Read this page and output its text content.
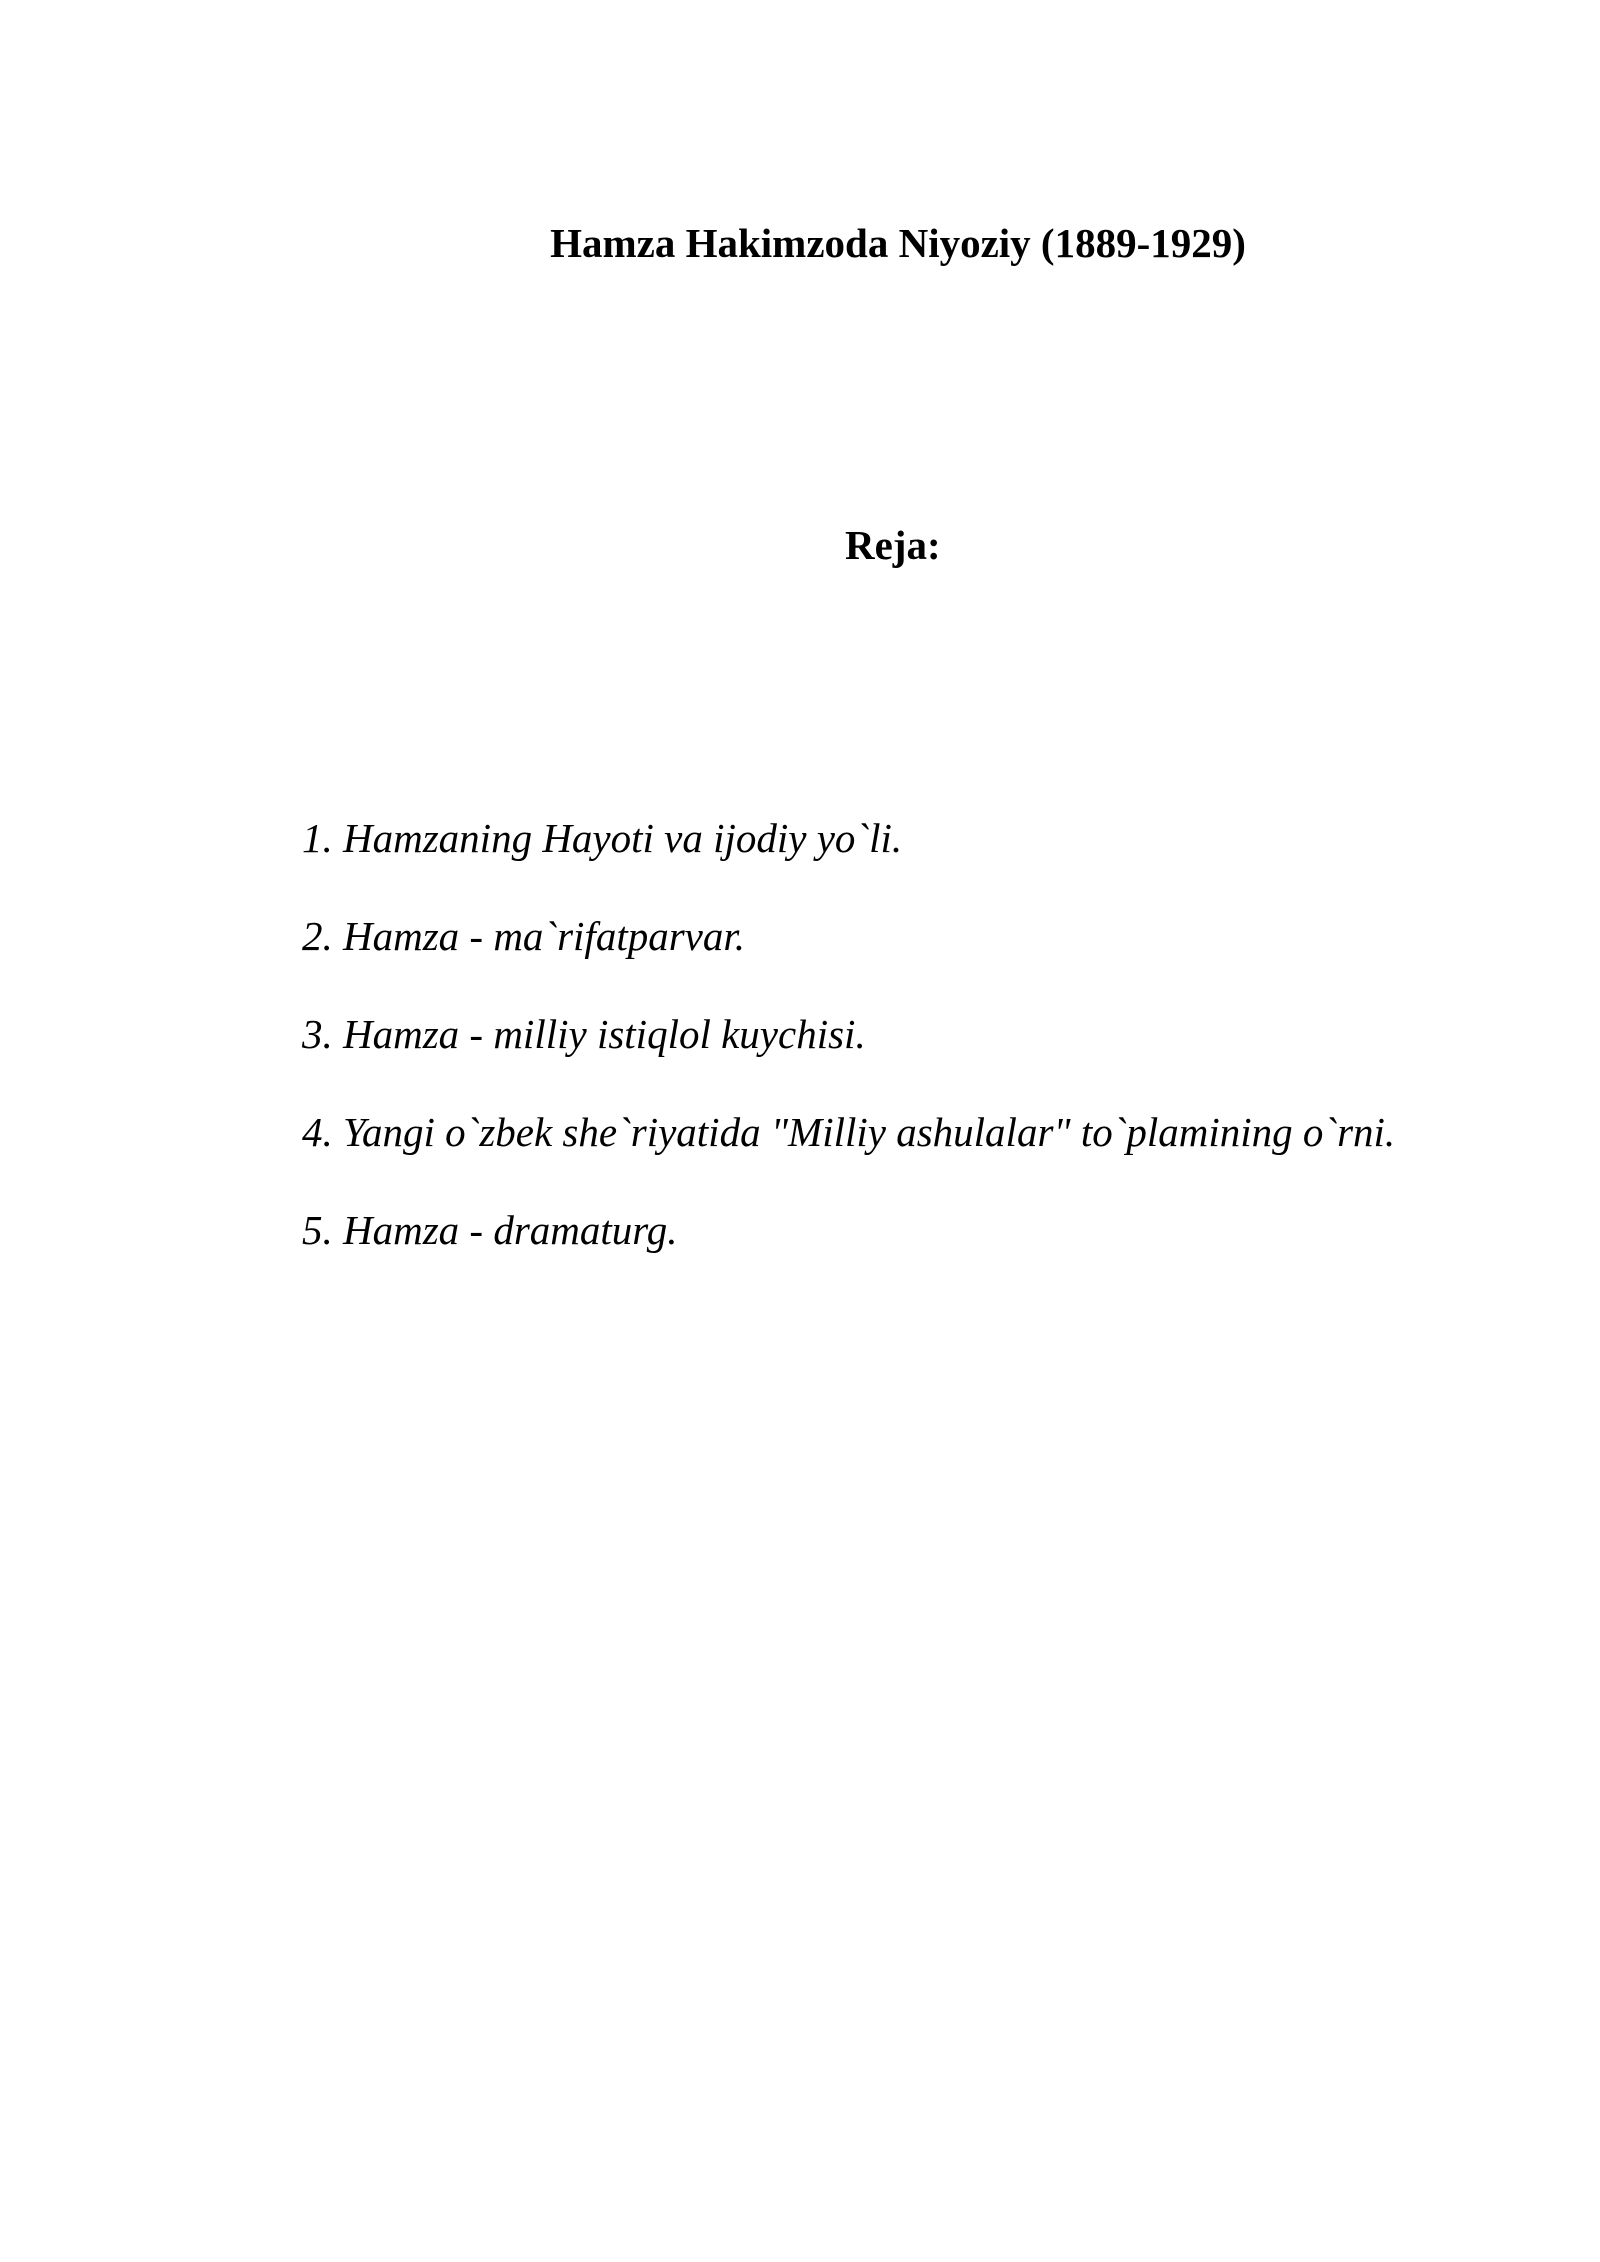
Hamza Hakimzoda Niyoziy (1889-1929)
Reja:
1. Hamzaning Hayoti va ijodiy yo`li.
2. Hamza - ma`rifatparvar.
3. Hamza - milliy istiqlol kuychisi.
4. Yangi o`zbek she`riyatida "Milliy ashulalar" to`plamining o`rni.
5. Hamza - dramaturg.
